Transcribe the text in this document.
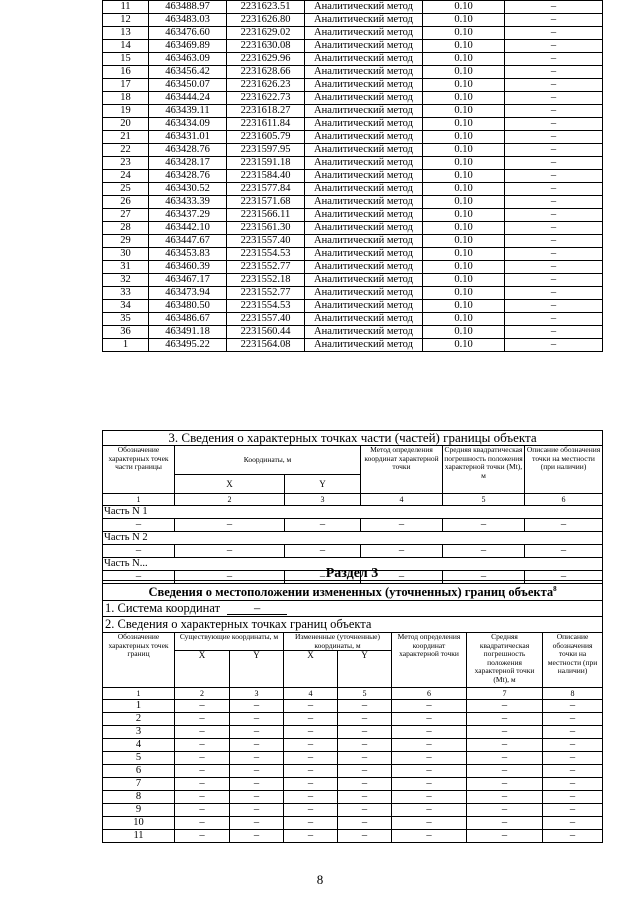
11	463488.97	2231623.51	Аналитический метод	0.10	–
12	463483.03	2231626.80	Аналитический метод	0.10	–
13	463476.60	2231629.02	Аналитический метод	0.10	–
14	463469.89	2231630.08	Аналитический метод	0.10	–
15	463463.09	2231629.96	Аналитический метод	0.10	–
16	463456.42	2231628.66	Аналитический метод	0.10	–
17	463450.07	2231626.23	Аналитический метод	0.10	–
18	463444.24	2231622.73	Аналитический метод	0.10	–
19	463439.11	2231618.27	Аналитический метод	0.10	–
20	463434.09	2231611.84	Аналитический метод	0.10	–
21	463431.01	2231605.79	Аналитический метод	0.10	–
22	463428.76	2231597.95	Аналитический метод	0.10	–
23	463428.17	2231591.18	Аналитический метод	0.10	–
24	463428.76	2231584.40	Аналитический метод	0.10	–
25	463430.52	2231577.84	Аналитический метод	0.10	–
26	463433.39	2231571.68	Аналитический метод	0.10	–
27	463437.29	2231566.11	Аналитический метод	0.10	–
28	463442.10	2231561.30	Аналитический метод	0.10	–
29	463447.67	2231557.40	Аналитический метод	0.10	–
30	463453.83	2231554.53	Аналитический метод	0.10	–
31	463460.39	2231552.77	Аналитический метод	0.10	–
32	463467.17	2231552.18	Аналитический метод	0.10	–
33	463473.94	2231552.77	Аналитический метод	0.10	–
34	463480.50	2231554.53	Аналитический метод	0.10	–
35	463486.67	2231557.40	Аналитический метод	0.10	–
36	463491.18	2231560.44	Аналитический метод	0.10	–
1	463495.22	2231564.08	Аналитический метод	0.10	–
3. Сведения о характерных точках части (частей) границы объекта					
Обозначение характерных точек части границы	Координаты, м		Метод определения координат характерной точки	Средняя квадратическая погрешность положения характерной точки (Mt), м	Описание обозначения точки на местности (при наличии)
	X	Y			
1	2	3	4	5	6
Часть N 1					
–	–	–	–	–	–
Часть N 2					
–	–	–	–	–	–
Часть N...					
–	–	–	–	–	–
Раздел 3
Сведения о местоположении измененных (уточненных) границ объекта$^8$
1. Система координат –							
2. Сведения о характерных точках границ объекта							
Обозначение характерных точек границ	Существующие координаты, м		Измененные (уточненные) координаты, м		Метод определения координат характерной точки	Средняя квадратическая погрешность положения характерной точки (Mt), м	Описание обозначения точки на местности (при наличии)
	X	Y	X	Y			
1	2	3	4	5	6	7	8
1	–	–	–	–	–	–	–
2	–	–	–	–	–	–	–
3	–	–	–	–	–	–	–
4	–	–	–	–	–	–	–
5	–	–	–	–	–	–	–
6	–	–	–	–	–	–	–
7	–	–	–	–	–	–	–
8	–	–	–	–	–	–	–
9	–	–	–	–	–	–	–
10	–	–	–	–	–	–	–
11	–	–	–	–	–	–	–
8
